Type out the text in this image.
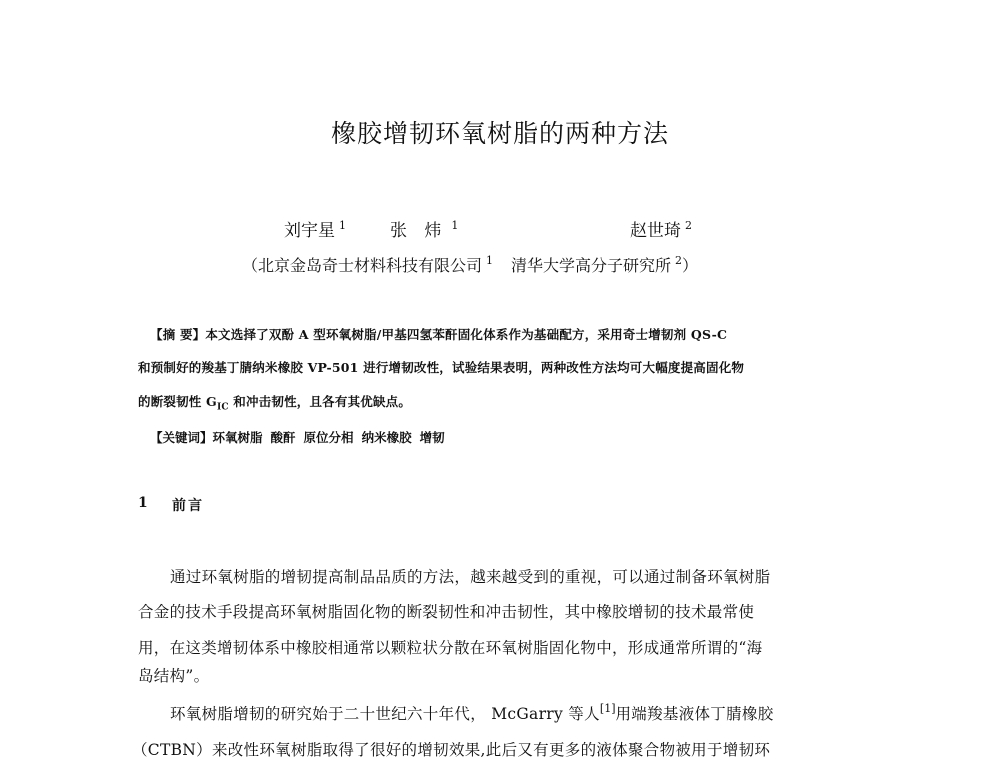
橡胶增韧环氧树脂的两种方法
刘宇星 $^1$	张 炜 $^1$	赵世琦 $^2$
（北京金岛奇士材料科技有限公司 $^1$ 清华大学高分子研究所 $^2$）
【摘 要】本文选择了双酚 A 型环氧树脂/甲基四氢苯酐固化体系作为基础配方，采用奇士增韧剂 QS-C
和预制好的羧基丁腈纳米橡胶 VP-501 进行增韧改性，试验结果表明，两种改性方法均可大幅度提高固化物
的断裂韧性 $G_{IC}$ 和冲击韧性，且各有其优缺点。
【关键词】环氧树脂 酸酐 原位分相 纳米橡胶 增韧
1 前言
通过环氧树脂的增韧提高制品品质的方法，越来越受到的重视，可以通过制备环氧树脂
合金的技术手段提高环氧树脂固化物的断裂韧性和冲击韧性，其中橡胶增韧的技术最常使
用，在这类增韧体系中橡胶相通常以颗粒状分散在环氧树脂固化物中，形成通常所谓的“海
岛结构”。
环氧树脂增韧的研究始于二十世纪六十年代， McGarry 等人[1]用端羧基液体丁腈橡胶
（CTBN）来改性环氧树脂取得了很好的增韧效果,此后又有更多的液体聚合物被用于增韧环
